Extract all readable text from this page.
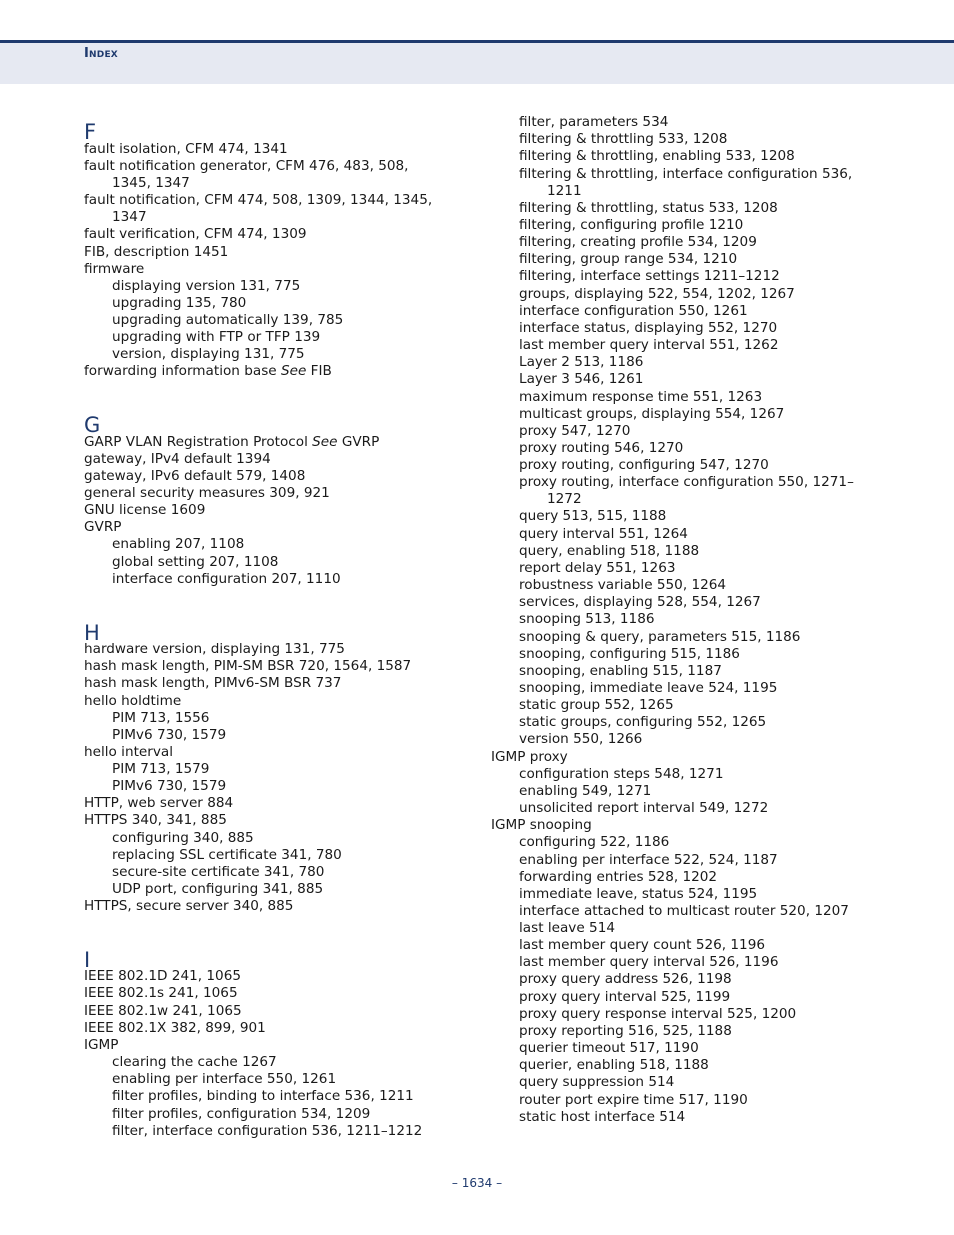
Index
F
fault isolation, CFM 474, 1341
fault notification generator, CFM 476, 483, 508,
1345, 1347
fault notification, CFM 474, 508, 1309, 1344, 1345,
1347
fault verification, CFM 474, 1309
FIB, description 1451
firmware
displaying version 131, 775
upgrading 135, 780
upgrading automatically 139, 785
upgrading with FTP or TFP 139
version, displaying 131, 775
forwarding information base See FIB
G
GARP VLAN Registration Protocol See GVRP
gateway, IPv4 default 1394
gateway, IPv6 default 579, 1408
general security measures 309, 921
GNU license 1609
GVRP
enabling 207, 1108
global setting 207, 1108
interface configuration 207, 1110
H
hardware version, displaying 131, 775
hash mask length, PIM-SM BSR 720, 1564, 1587
hash mask length, PIMv6-SM BSR 737
hello holdtime
PIM 713, 1556
PIMv6 730, 1579
hello interval
PIM 713, 1579
PIMv6 730, 1579
HTTP, web server 884
HTTPS 340, 341, 885
configuring 340, 885
replacing SSL certificate 341, 780
secure-site certificate 341, 780
UDP port, configuring 341, 885
HTTPS, secure server 340, 885
I
IEEE 802.1D 241, 1065
IEEE 802.1s 241, 1065
IEEE 802.1w 241, 1065
IEEE 802.1X 382, 899, 901
IGMP
clearing the cache 1267
enabling per interface 550, 1261
filter profiles, binding to interface 536, 1211
filter profiles, configuration 534, 1209
filter, interface configuration 536, 1211–1212
filter, parameters 534
filtering & throttling 533, 1208
filtering & throttling, enabling 533, 1208
filtering & throttling, interface configuration 536,
1211
filtering & throttling, status 533, 1208
filtering, configuring profile 1210
filtering, creating profile 534, 1209
filtering, group range 534, 1210
filtering, interface settings 1211–1212
groups, displaying 522, 554, 1202, 1267
interface configuration 550, 1261
interface status, displaying 552, 1270
last member query interval 551, 1262
Layer 2 513, 1186
Layer 3 546, 1261
maximum response time 551, 1263
multicast groups, displaying 554, 1267
proxy 547, 1270
proxy routing 546, 1270
proxy routing, configuring 547, 1270
proxy routing, interface configuration 550, 1271–
1272
query 513, 515, 1188
query interval 551, 1264
query, enabling 518, 1188
report delay 551, 1263
robustness variable 550, 1264
services, displaying 528, 554, 1267
snooping 513, 1186
snooping & query, parameters 515, 1186
snooping, configuring 515, 1186
snooping, enabling 515, 1187
snooping, immediate leave 524, 1195
static group 552, 1265
static groups, configuring 552, 1265
version 550, 1266
IGMP proxy
configuration steps 548, 1271
enabling 549, 1271
unsolicited report interval 549, 1272
IGMP snooping
configuring 522, 1186
enabling per interface 522, 524, 1187
forwarding entries 528, 1202
immediate leave, status 524, 1195
interface attached to multicast router 520, 1207
last leave 514
last member query count 526, 1196
last member query interval 526, 1196
proxy query address 526, 1198
proxy query interval 525, 1199
proxy query response interval 525, 1200
proxy reporting 516, 525, 1188
querier timeout 517, 1190
querier, enabling 518, 1188
query suppression 514
router port expire time 517, 1190
static host interface 514
– 1634 –
